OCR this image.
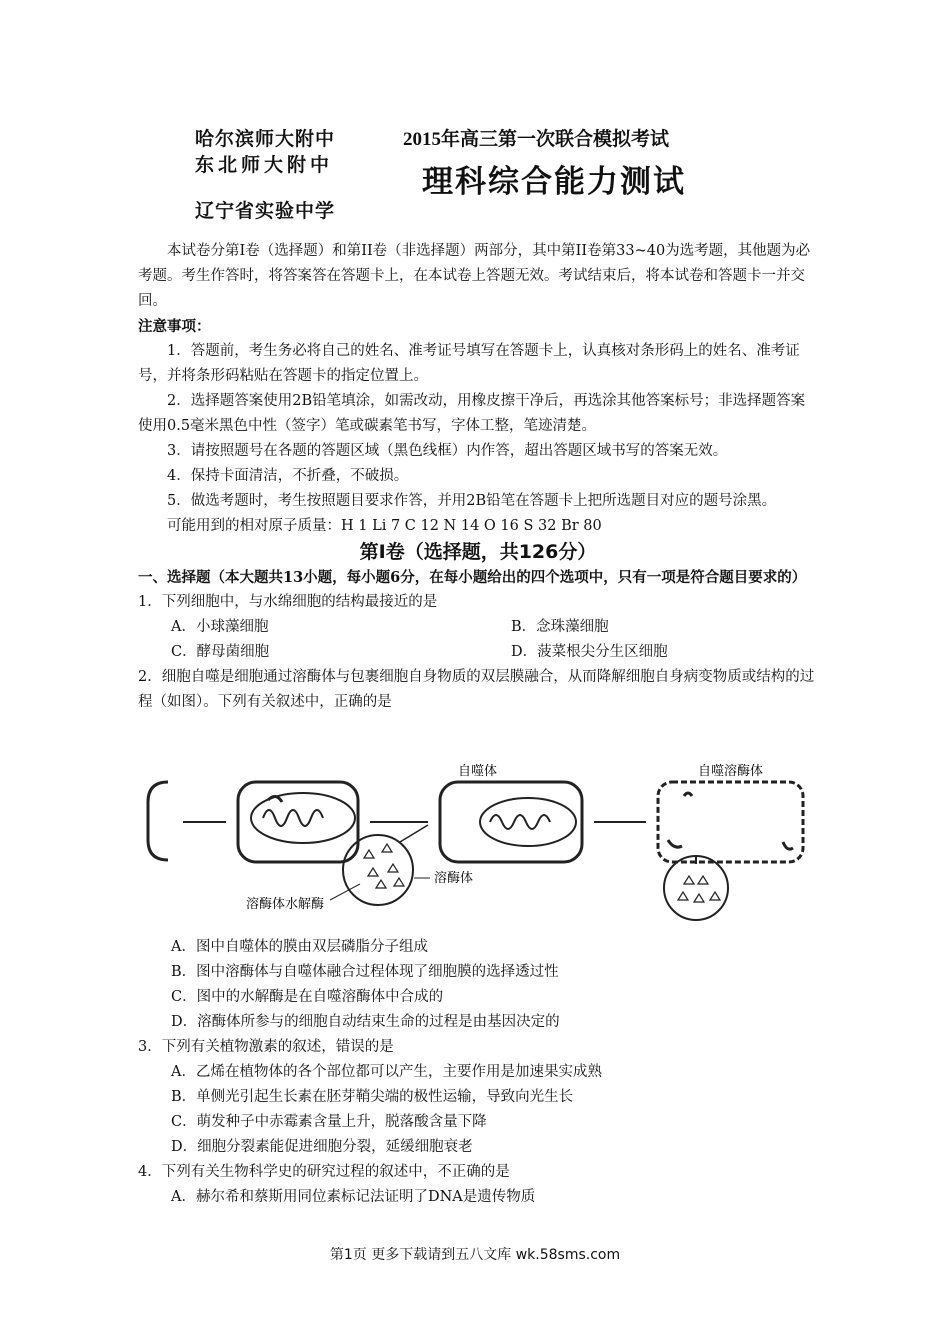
哈尔滨师大附中
东北师大附中
辽宁省实验中学
2015年高三第一次联合模拟考试
理科综合能力测试

本试卷分第I卷（选择题）和第II卷（非选择题）两部分，其中第II卷第33~40为选考题，其他题为必考题。考生作答时，将答案答在答题卡上，在本试卷上答题无效。考试结束后，将本试卷和答题卡一并交回。

注意事项：

1．答题前，考生务必将自己的姓名、准考证号填写在答题卡上，认真核对条形码上的姓名、准考证号，并将条形码粘贴在答题卡的指定位置上。

2．选择题答案使用2B铅笔填涂，如需改动，用橡皮擦干净后，再选涂其他答案标号；非选择题答案使用0.5毫米黑色中性（签字）笔或碳素笔书写，字体工整，笔迹清楚。

3．请按照题号在各题的答题区域（黑色线框）内作答，超出答题区域书写的答案无效。

4．保持卡面清洁，不折叠，不破损。

5．做选考题时，考生按照题目要求作答，并用2B铅笔在答题卡上把所选题目对应的题号涂黑。

可能用到的相对原子质量：H 1 Li 7 C 12 N 14 O 16 S 32 Br 80

第I卷（选择题，共126分）

一、选择题（本大题共13小题，每小题6分，在每小题给出的四个选项中，只有一项是符合题目要求的）

1．下列细胞中，与水绵细胞的结构最接近的是

A．小球藻细胞	B．念珠藻细胞
C．酵母菌细胞	D．菠菜根尖分生区细胞

2．细胞自噬是细胞通过溶酶体与包裹细胞自身物质的双层膜融合，从而降解细胞自身病变物质或结构的过程（如图）。下列有关叙述中，正确的是

自噬体	自噬溶酶体
溶酶体
溶酶体水解酶

A．图中自噬体的膜由双层磷脂分子组成

B．图中溶酶体与自噬体融合过程体现了细胞膜的选择透过性

C．图中的水解酶是在自噬溶酶体中合成的

D．溶酶体所参与的细胞自动结束生命的过程是由基因决定的

3．下列有关植物激素的叙述，错误的是

A．乙烯在植物体的各个部位都可以产生，主要作用是加速果实成熟

B．单侧光引起生长素在胚芽鞘尖端的极性运输，导致向光生长

C．萌发种子中赤霉素含量上升，脱落酸含量下降

D．细胞分裂素能促进细胞分裂，延缓细胞衰老

4．下列有关生物科学史的研究过程的叙述中，不正确的是

A．赫尔希和蔡斯用同位素标记法证明了DNA是遗传物质

第1页 更多下载请到五八文库 wk.58sms.com
